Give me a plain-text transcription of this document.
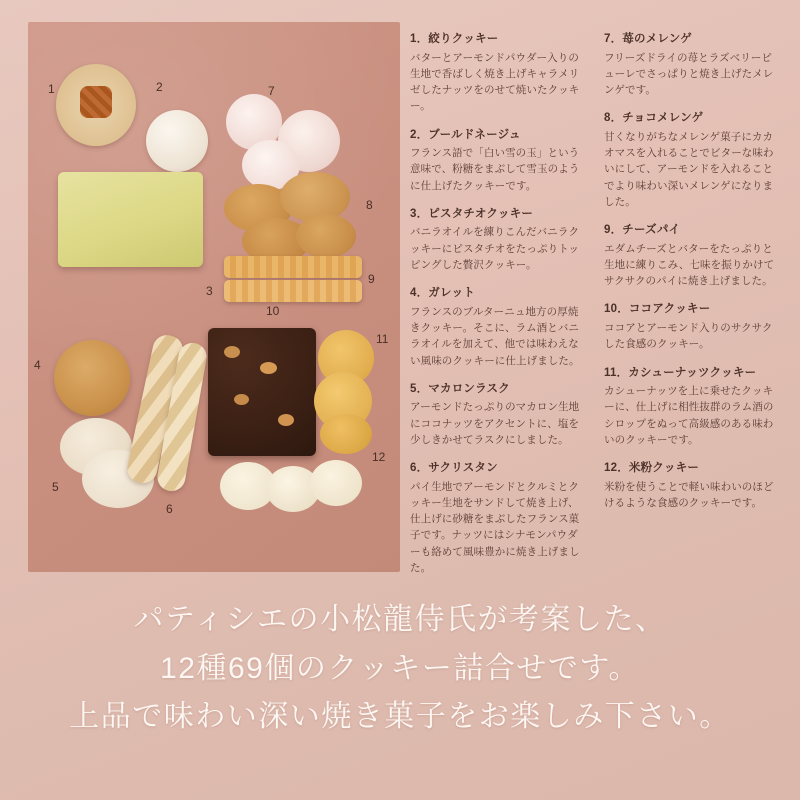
1	2
3
4
5
6
7
8
9
10
11
12
1．絞りクッキー
バターとアーモンドパウダー入りの生地で香ばしく焼き上げキャラメリゼしたナッツをのせて焼いたクッキー。
2．ブールドネージュ
フランス語で「白い雪の玉」という意味で、粉糖をまぶして雪玉のように仕上げたクッキーです。
3．ピスタチオクッキー
バニラオイルを練りこんだバニラクッキーにピスタチオをたっぷりトッピングした贅沢クッキー。
4．ガレット
フランスのブルターニュ地方の厚焼きクッキー。そこに、ラム酒とバニラオイルを加えて、他では味わえない風味のクッキーに仕上げました。
5．マカロンラスク
アーモンドたっぷりのマカロン生地にココナッツをアクセントに、塩を少しきかせてラスクにしました。
6．サクリスタン
パイ生地でアーモンドとクルミとクッキー生地をサンドして焼き上げ、仕上げに砂糖をまぶしたフランス菓子です。ナッツにはシナモンパウダーも絡めて風味豊かに焼き上げました。
7．苺のメレンゲ
フリーズドライの苺とラズベリーピューレでさっぱりと焼き上げたメレンゲです。
8．チョコメレンゲ
甘くなりがちなメレンゲ菓子にカカオマスを入れることでビターな味わいにして、アーモンドを入れることでより味わい深いメレンゲになりました。
9．チーズパイ
エダムチーズとバターをたっぷりと生地に練りこみ、七味を振りかけてサクサクのパイに焼き上げました。
10．ココアクッキー
ココアとアーモンド入りのサクサクした食感のクッキー。
11．カシューナッツクッキー
カシューナッツを上に乗せたクッキーに、仕上げに相性抜群のラム酒のシロップをぬって高級感のある味わいのクッキーです。
12．米粉クッキー
米粉を使うことで軽い味わいのほどけるような食感のクッキーです。
パティシエの小松龍侍氏が考案した、
12種69個のクッキー詰合せです。
上品で味わい深い焼き菓子をお楽しみ下さい。
